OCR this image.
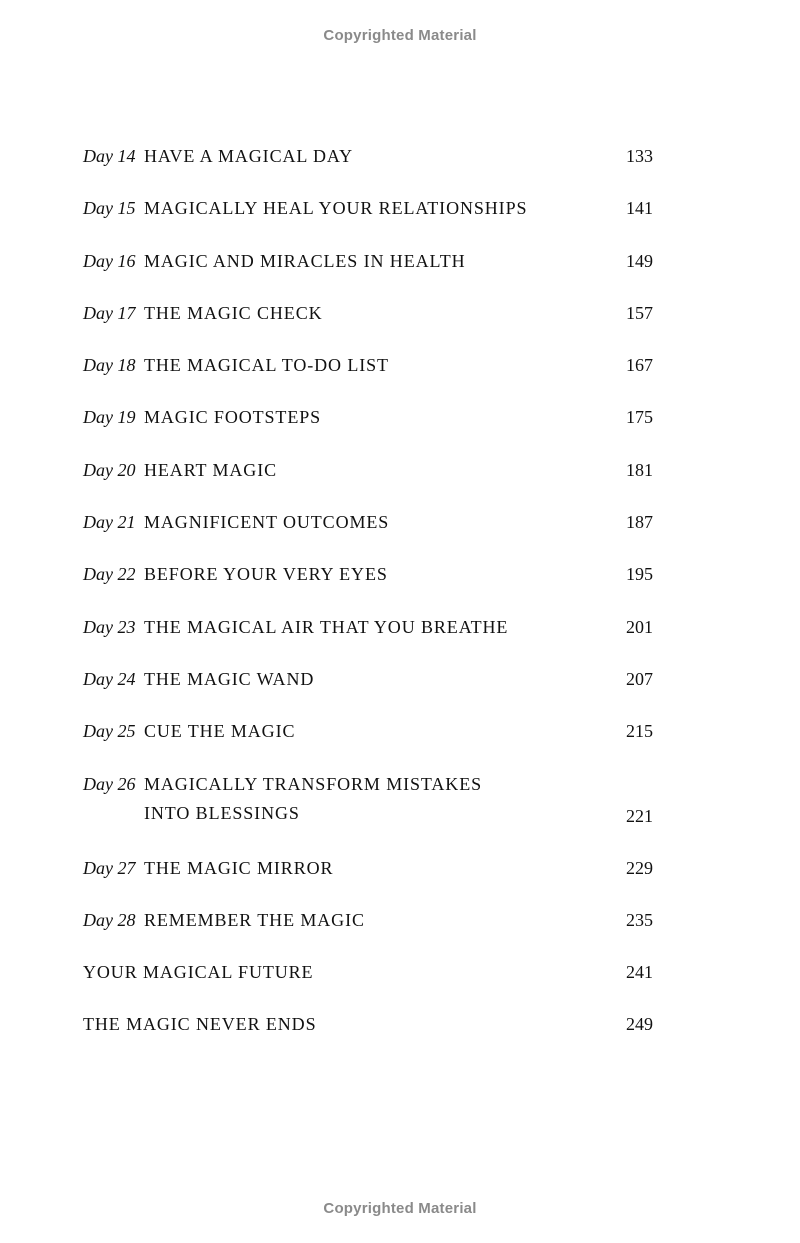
Copyrighted Material
Day 14 HAVE A MAGICAL DAY	133
Day 15 MAGICALLY HEAL YOUR RELATIONSHIPS	141
Day 16 MAGIC AND MIRACLES IN HEALTH	149
Day 17 THE MAGIC CHECK	157
Day 18 THE MAGICAL TO-DO LIST	167
Day 19 MAGIC FOOTSTEPS	175
Day 20 HEART MAGIC	181
Day 21 MAGNIFICENT OUTCOMES	187
Day 22 BEFORE YOUR VERY EYES	195
Day 23 THE MAGICAL AIR THAT YOU BREATHE	201
Day 24 THE MAGIC WAND	207
Day 25 CUE THE MAGIC	215
Day 26 MAGICALLY TRANSFORM MISTAKES
INTO BLESSINGS	221
Day 27 THE MAGIC MIRROR	229
Day 28 REMEMBER THE MAGIC	235
YOUR MAGICAL FUTURE	241
THE MAGIC NEVER ENDS	249
Copyrighted Material
